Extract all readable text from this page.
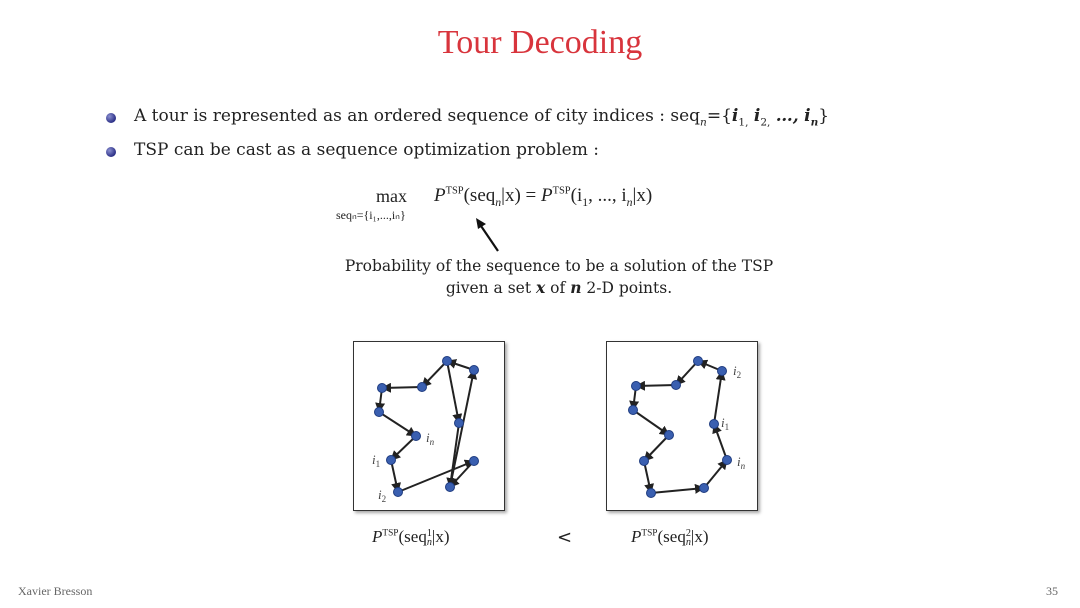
Tour Decoding
A tour is represented as an ordered sequence of city indices : $seq_n=\{i_{1,}$ $i_{2,}$ …, $i_n$}
TSP can be cast as a sequence optimization problem :
max
seqₙ={i₁,...,iₙ}
$P^{TSP}(seq_n|x) = P^{TSP}(i_1$, ..., $i_n|x$)
Probability of the sequence to be a solution of the TSP
given a set x of n 2-D points.
$i_n$
$i_1$
$i_2$
$i_2$
$i_1$
$i_n$
$P^{TSP}(seq$ 1
n |x)	<	$P^{TSP}(seq$ 2
n |x)
Xavier Bresson	35
